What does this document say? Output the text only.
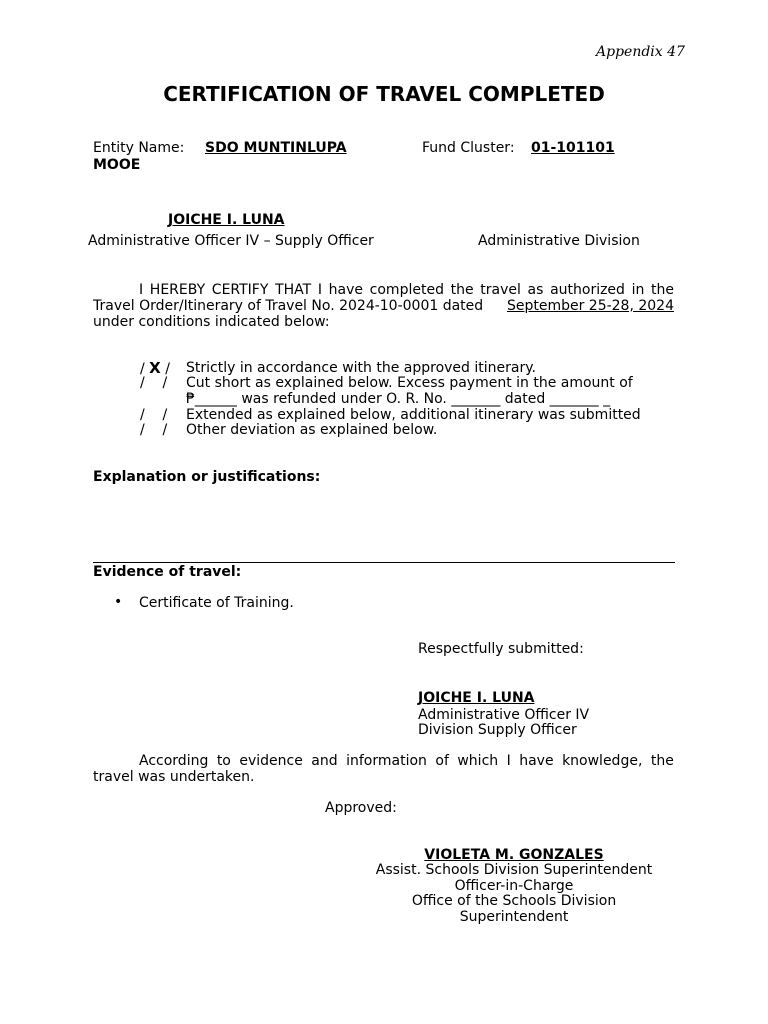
Appendix 47
CERTIFICATION OF TRAVEL COMPLETED
Entity Name: SDO MUNTINLUPA
MOOE
Fund Cluster: 01-101101
JOICHE I. LUNA
Administrative Officer IV – Supply Officer	Administrative Division
I HEREBY CERTIFY THAT I have completed the travel as authorized in the
Travel Order/Itinerary of Travel No. 2024-10-0001 dated September 25-28, 2024
under conditions indicated below:
/ X / Strictly in accordance with the approved itinerary.
/    / Cut short as explained below. Excess payment in the amount of
₱______ was refunded under O. R. No. _______ dated _______ _
/    / Extended as explained below, additional itinerary was submitted
/    / Other deviation as explained below.
Explanation or justifications:
Evidence of travel:
• Certificate of Training.
Respectfully submitted:
JOICHE I. LUNA
Administrative Officer IV
Division Supply Officer
According to evidence and information of which I have knowledge, the
travel was undertaken.
Approved:
VIOLETA M. GONZALES
Assist. Schools Division Superintendent
Officer-in-Charge
Office of the Schools Division
Superintendent
